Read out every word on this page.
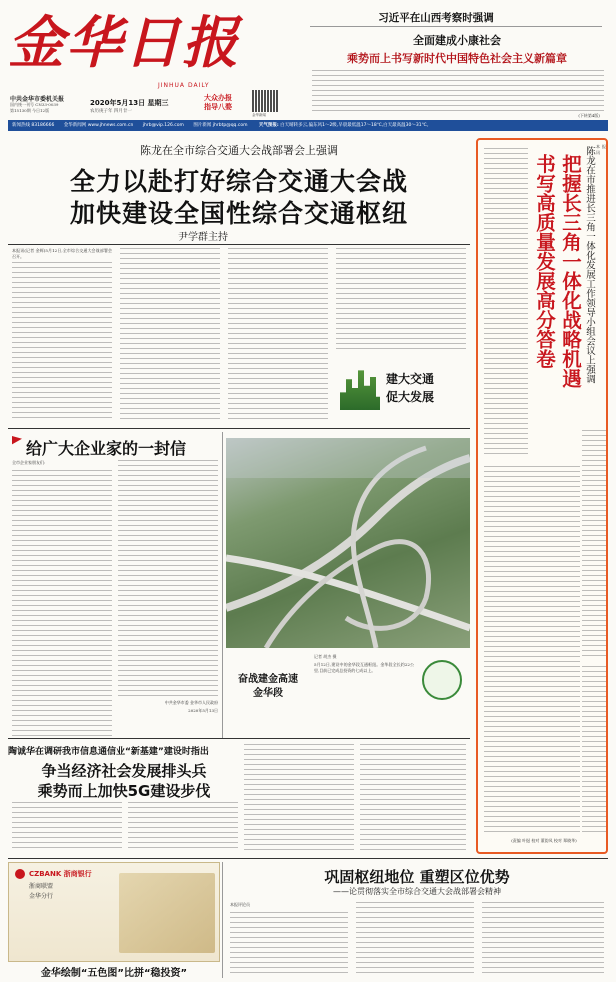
金华日报
JINHUA DAILY
中共金华市委机关报
国内统一刊号 CN33-0039
第15130期 今日12版
2020年5月13日 星期三
农历庚子年 四月廿一
大众办报
指导八婺
金华新闻
习近平在山西考察时强调
全面建成小康社会
乘势而上书写新时代中国特色社会主义新篇章
(下转第4版)
新闻热线 83186666 金华新闻网 www.jhnews.com.cn jhrb@vip.126.com 图片新闻 jhrbtp@qq.com	天气预报: 白天晴转多云,偏东风1～2级,早晨最低温17～18℃,白天最高温30～31℃。
陈龙在全市综合交通大会战部署会上强调
全力以赴打好综合交通大会战
加快建设全国性综合交通枢纽
尹学群主持
本报讯(记者 金辉)5月12日,全市综合交通大会战部署会召开。
建大交通
促大发展
给广大企业家的一封信
全市企业家朋友们:
中共金华市委 金华市人民政府
2020年5月13日
奋战建金高速
金华段
记者 胡杰 摄
5月12日,建设中的金华段互通枢纽。金华段全长约22公里,目前已完成总投资的七成以上。
陶诚华在调研我市信息通信业“新基建”建设时指出
争当经济社会发展排头兵
乘势而上加快5G建设步伐
陈龙在市推进长三角一体化发展工作领导小组会议上强调
把握长三角一体化战略机遇
书写高质量发展高分答卷
本报讯
(责编 叶挺 校对 董韵凤 校对 郑晓华)
巩固枢纽地位 重塑区位优势
——论贯彻落实全市综合交通大会战部署会精神
本报评论员
CZBANK 浙商银行
浙商联盟
金华分行
金华绘制“五色图”比拼“稳投资”
